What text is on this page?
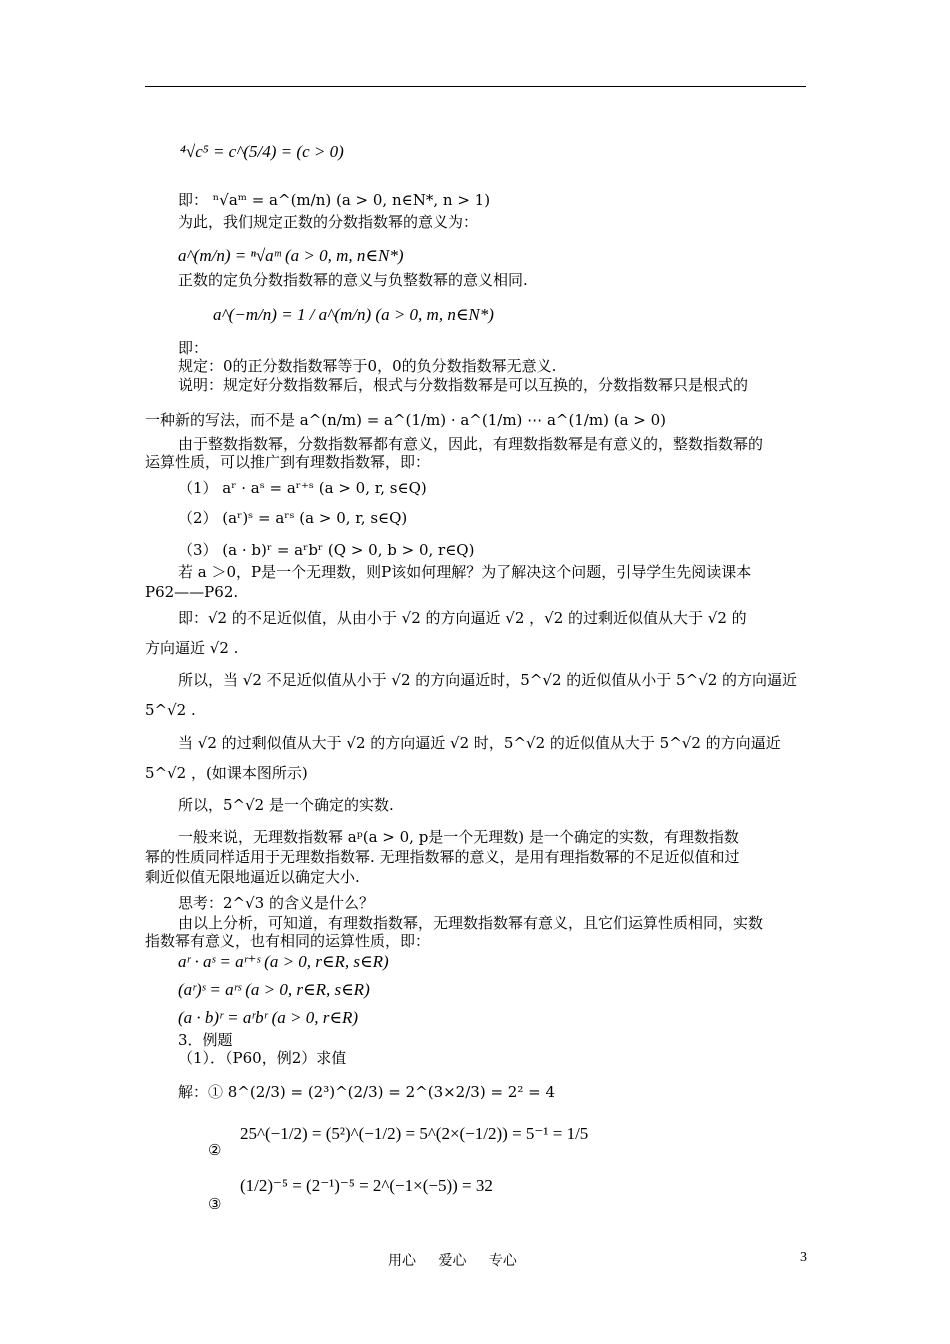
⁴√c⁵ = c^(5/4) = (c > 0)
即： ⁿ√aᵐ = a^(m/n) (a > 0, n∈N*, n > 1)
为此，我们规定正数的分数指数幂的意义为：
a^(m/n) = ⁿ√aᵐ (a > 0, m, n∈N*)
正数的定负分数指数幂的意义与负整数幂的意义相同.
a^(−m/n) = 1 / a^(m/n) (a > 0, m, n∈N*)
即：
规定：0的正分数指数幂等于0，0的负分数指数幂无意义.
说明：规定好分数指数幂后，根式与分数指数幂是可以互换的，分数指数幂只是根式的
一种新的写法，而不是 a^(n/m) = a^(1/m) · a^(1/m) ⋯ a^(1/m) (a > 0)
由于整数指数幂，分数指数幂都有意义，因此，有理数指数幂是有意义的，整数指数幂的
运算性质，可以推广到有理数指数幂，即：
（1） aʳ · aˢ = aʳ⁺ˢ (a > 0, r, s∈Q)
（2） (aʳ)ˢ = aʳˢ (a > 0, r, s∈Q)
（3） (a · b)ʳ = aʳbʳ (Q > 0, b > 0, r∈Q)
若 a ＞0，P是一个无理数，则P该如何理解？为了解决这个问题，引导学生先阅读课本
P62——P62.
即：√2 的不足近似值，从由小于 √2 的方向逼近 √2 ，√2 的过剩近似值从大于 √2 的
方向逼近 √2 .
所以，当 √2 不足近似值从小于 √2 的方向逼近时，5^√2 的近似值从小于 5^√2 的方向逼近
5^√2 .
当 √2 的过剩似值从大于 √2 的方向逼近 √2 时，5^√2 的近似值从大于 5^√2 的方向逼近
5^√2 ，(如课本图所示)
所以，5^√2 是一个确定的实数.
一般来说，无理数指数幂 aᵖ(a > 0, p是一个无理数) 是一个确定的实数，有理数指数
幂的性质同样适用于无理数指数幂. 无理指数幂的意义，是用有理指数幂的不足近似值和过
剩近似值无限地逼近以确定大小.
思考：2^√3 的含义是什么？
由以上分析，可知道，有理数指数幂，无理数指数幂有意义，且它们运算性质相同，实数
指数幂有意义，也有相同的运算性质，即：
aʳ · aˢ = aʳ⁺ˢ (a > 0, r∈R, s∈R)
(aʳ)ˢ = aʳˢ (a > 0, r∈R, s∈R)
(a · b)ʳ = aʳbʳ (a > 0, r∈R)
3．例题
（1）．（P60，例2）求值
解：① 8^(2/3) = (2³)^(2/3) = 2^(3×2/3) = 2² = 4
25^(−1/2) = (5²)^(−1/2) = 5^(2×(−1/2)) = 5⁻¹ = 1/5
②
(1/2)⁻⁵ = (2⁻¹)⁻⁵ = 2^(−1×(−5)) = 32
③
用心 爱心 专心	3
